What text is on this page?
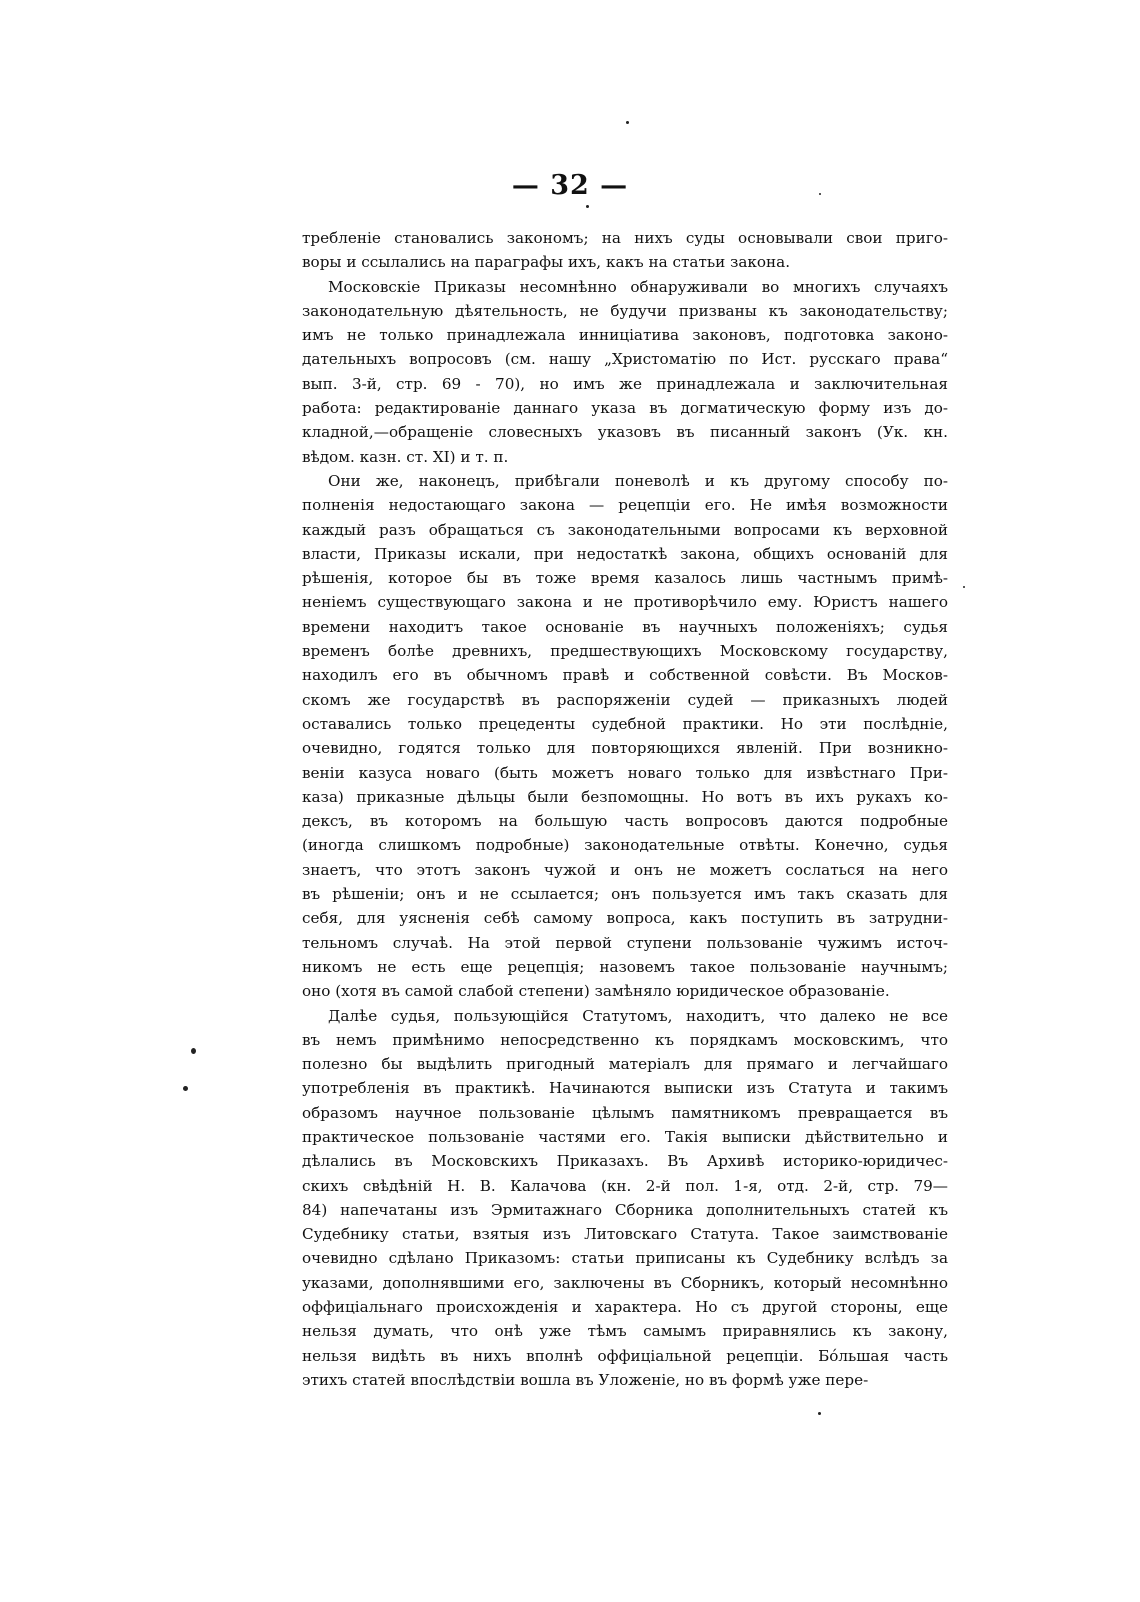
— 32 —

требленіе становались закономъ; на нихъ суды основывали свои приго-
воры и ссылались на параграфы ихъ, какъ на статьи закона.

Московскіе Приказы несомнѣнно обнаруживали во многихъ случаяхъ
законодательную дѣятельность, не будучи призваны къ законодательству;
имъ не только принадлежала инниціатива законовъ, подготовка законо-
дательныхъ вопросовъ (см. нашу „Христоматію по Ист. русскаго права“
вып. 3-й, стр. 69 - 70), но имъ же принадлежала и заключительная
работа: редактированіе даннаго указа въ догматическую форму изъ до-
кладной,—обращеніе словесныхъ указовъ въ писанный законъ (Ук. кн.
вѣдом. казн. ст. XI) и т. п.

Они же, наконецъ, прибѣгали поневолѣ и къ другому способу по-
полненія недостающаго закона — рецепціи его. Не имѣя возможности
каждый разъ обращаться съ законодательными вопросами къ верховной
власти, Приказы искали, при недостаткѣ закона, общихъ основаній для
рѣшенія, которое бы въ тоже время казалось лишь частнымъ примѣ-
неніемъ существующаго закона и не противорѣчило ему. Юристъ нашего
времени находитъ такое основаніе въ научныхъ положеніяхъ; судья
временъ болѣе древнихъ, предшествующихъ Московскому государству,
находилъ его въ обычномъ правѣ и собственной совѣсти. Въ Москов-
скомъ же государствѣ въ распоряженіи судей — приказныхъ людей
оставались только прецеденты судебной практики. Но эти послѣдніе,
очевидно, годятся только для повторяющихся явленій. При возникно-
веніи казуса новаго (быть можетъ новаго только для извѣстнаго При-
каза) приказные дѣльцы были безпомощны. Но вотъ въ ихъ рукахъ ко-
дексъ, въ которомъ на большую часть вопросовъ даются подробные
(иногда слишкомъ подробные) законодательные отвѣты. Конечно, судья
знаетъ, что этотъ законъ чужой и онъ не можетъ сослаться на него
въ рѣшеніи; онъ и не ссылается; онъ пользуется имъ такъ сказать для
себя, для уясненія себѣ самому вопроса, какъ поступить въ затрудни-
тельномъ случаѣ. На этой первой ступени пользованіе чужимъ источ-
никомъ не есть еще рецепція; назовемъ такое пользованіе научнымъ;
оно (хотя въ самой слабой степени) замѣняло юридическое образованіе.

Далѣе судья, пользующійся Статутомъ, находитъ, что далеко не все
въ немъ примѣнимо непосредственно къ порядкамъ московскимъ, что
полезно бы выдѣлить пригодный матеріалъ для прямаго и легчайшаго
употребленія въ практикѣ. Начинаются выписки изъ Статута и такимъ
образомъ научное пользованіе цѣлымъ памятникомъ превращается въ
практическое пользованіе частями его. Такія выписки дѣйствительно и
дѣлались въ Московскихъ Приказахъ. Въ Архивѣ историко-юридичес-
скихъ свѣдѣній Н. В. Калачова (кн. 2-й пол. 1-я, отд. 2-й, стр. 79—
84) напечатаны изъ Эрмитажнаго Сборника дополнительныхъ статей къ
Судебнику статьи, взятыя изъ Литовскаго Статута. Такое заимствованіе
очевидно сдѣлано Приказомъ: статьи приписаны къ Судебнику вслѣдъ за
указами, дополнявшими его, заключены въ Сборникъ, который несомнѣнно
оффиціальнаго происхожденія и характера. Но съ другой стороны, еще
нельзя думать, что онѣ уже тѣмъ самымъ приравнялись къ закону,
нельзя видѣть въ нихъ вполнѣ оффиціальной рецепціи. Бóльшая часть
этихъ статей впослѣдствіи вошла въ Уложеніе, но въ формѣ уже пере-
